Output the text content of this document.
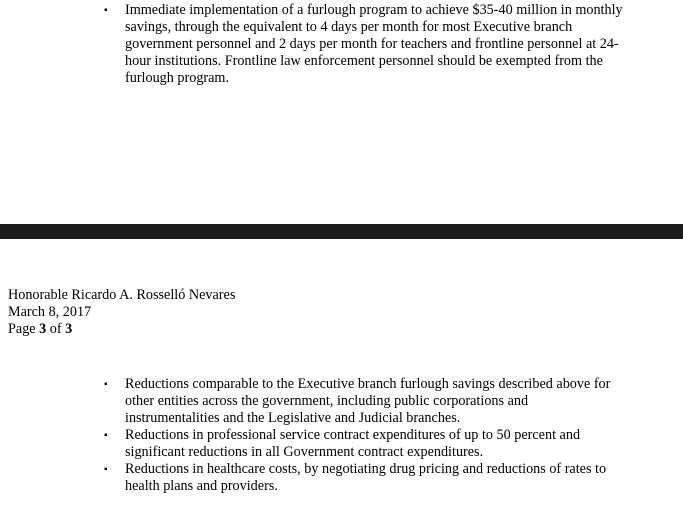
▪ Immediate implementation of a furlough program to achieve $35-40 million in monthly savings, through the equivalent to 4 days per month for most Executive branch government personnel and 2 days per month for teachers and frontline personnel at 24-hour institutions. Frontline law enforcement personnel should be exempted from the furlough program.
Honorable Ricardo A. Rosselló Nevares
March 8, 2017
Page 3 of 3
▪ Reductions comparable to the Executive branch furlough savings described above for other entities across the government, including public corporations and instrumentalities and the Legislative and Judicial branches.
▪ Reductions in professional service contract expenditures of up to 50 percent and significant reductions in all Government contract expenditures.
▪ Reductions in healthcare costs, by negotiating drug pricing and reductions of rates to health plans and providers.
